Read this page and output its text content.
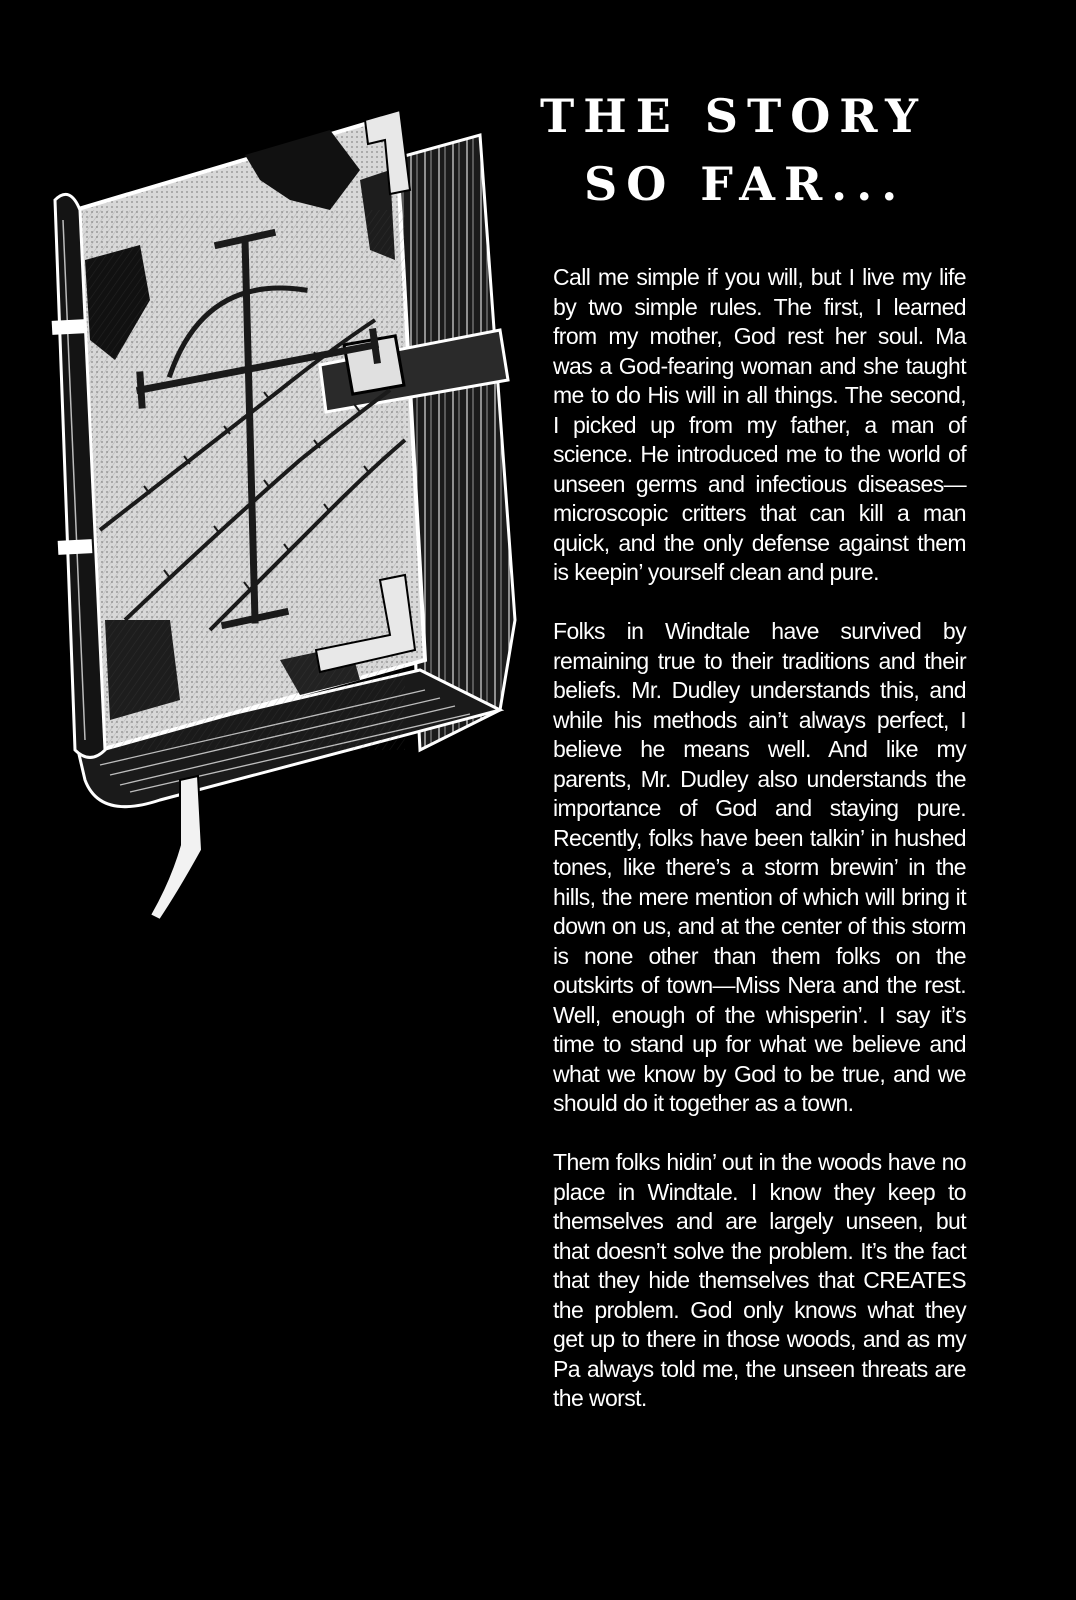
THE STORY
SO FAR...

Call me simple if you will, but I live my life by two simple rules. The first, I learned from my mother, God rest her soul. Ma was a God-fearing woman and she taught me to do His will in all things. The second, I picked up from my father, a man of science. He introduced me to the world of unseen germs and infectious diseases—microscopic critters that can kill a man quick, and the only defense against them is keepin’ yourself clean and pure.

Folks in Windtale have survived by remaining true to their traditions and their beliefs. Mr. Dudley understands this, and while his methods ain’t always perfect, I believe he means well. And like my parents, Mr. Dudley also understands the importance of God and staying pure. Recently, folks have been talkin’ in hushed tones, like there’s a storm brewin’ in the hills, the mere mention of which will bring it down on us, and at the center of this storm is none other than them folks on the outskirts of town—Miss Nera and the rest. Well, enough of the whisperin’. I say it’s time to stand up for what we believe and what we know by God to be true, and we should do it together as a town.

Them folks hidin’ out in the woods have no place in Windtale. I know they keep to themselves and are largely unseen, but that doesn’t solve the problem. It’s the fact that they hide themselves that CREATES the problem. God only knows what they get up to there in those woods, and as my Pa always told me, the unseen threats are the worst.
